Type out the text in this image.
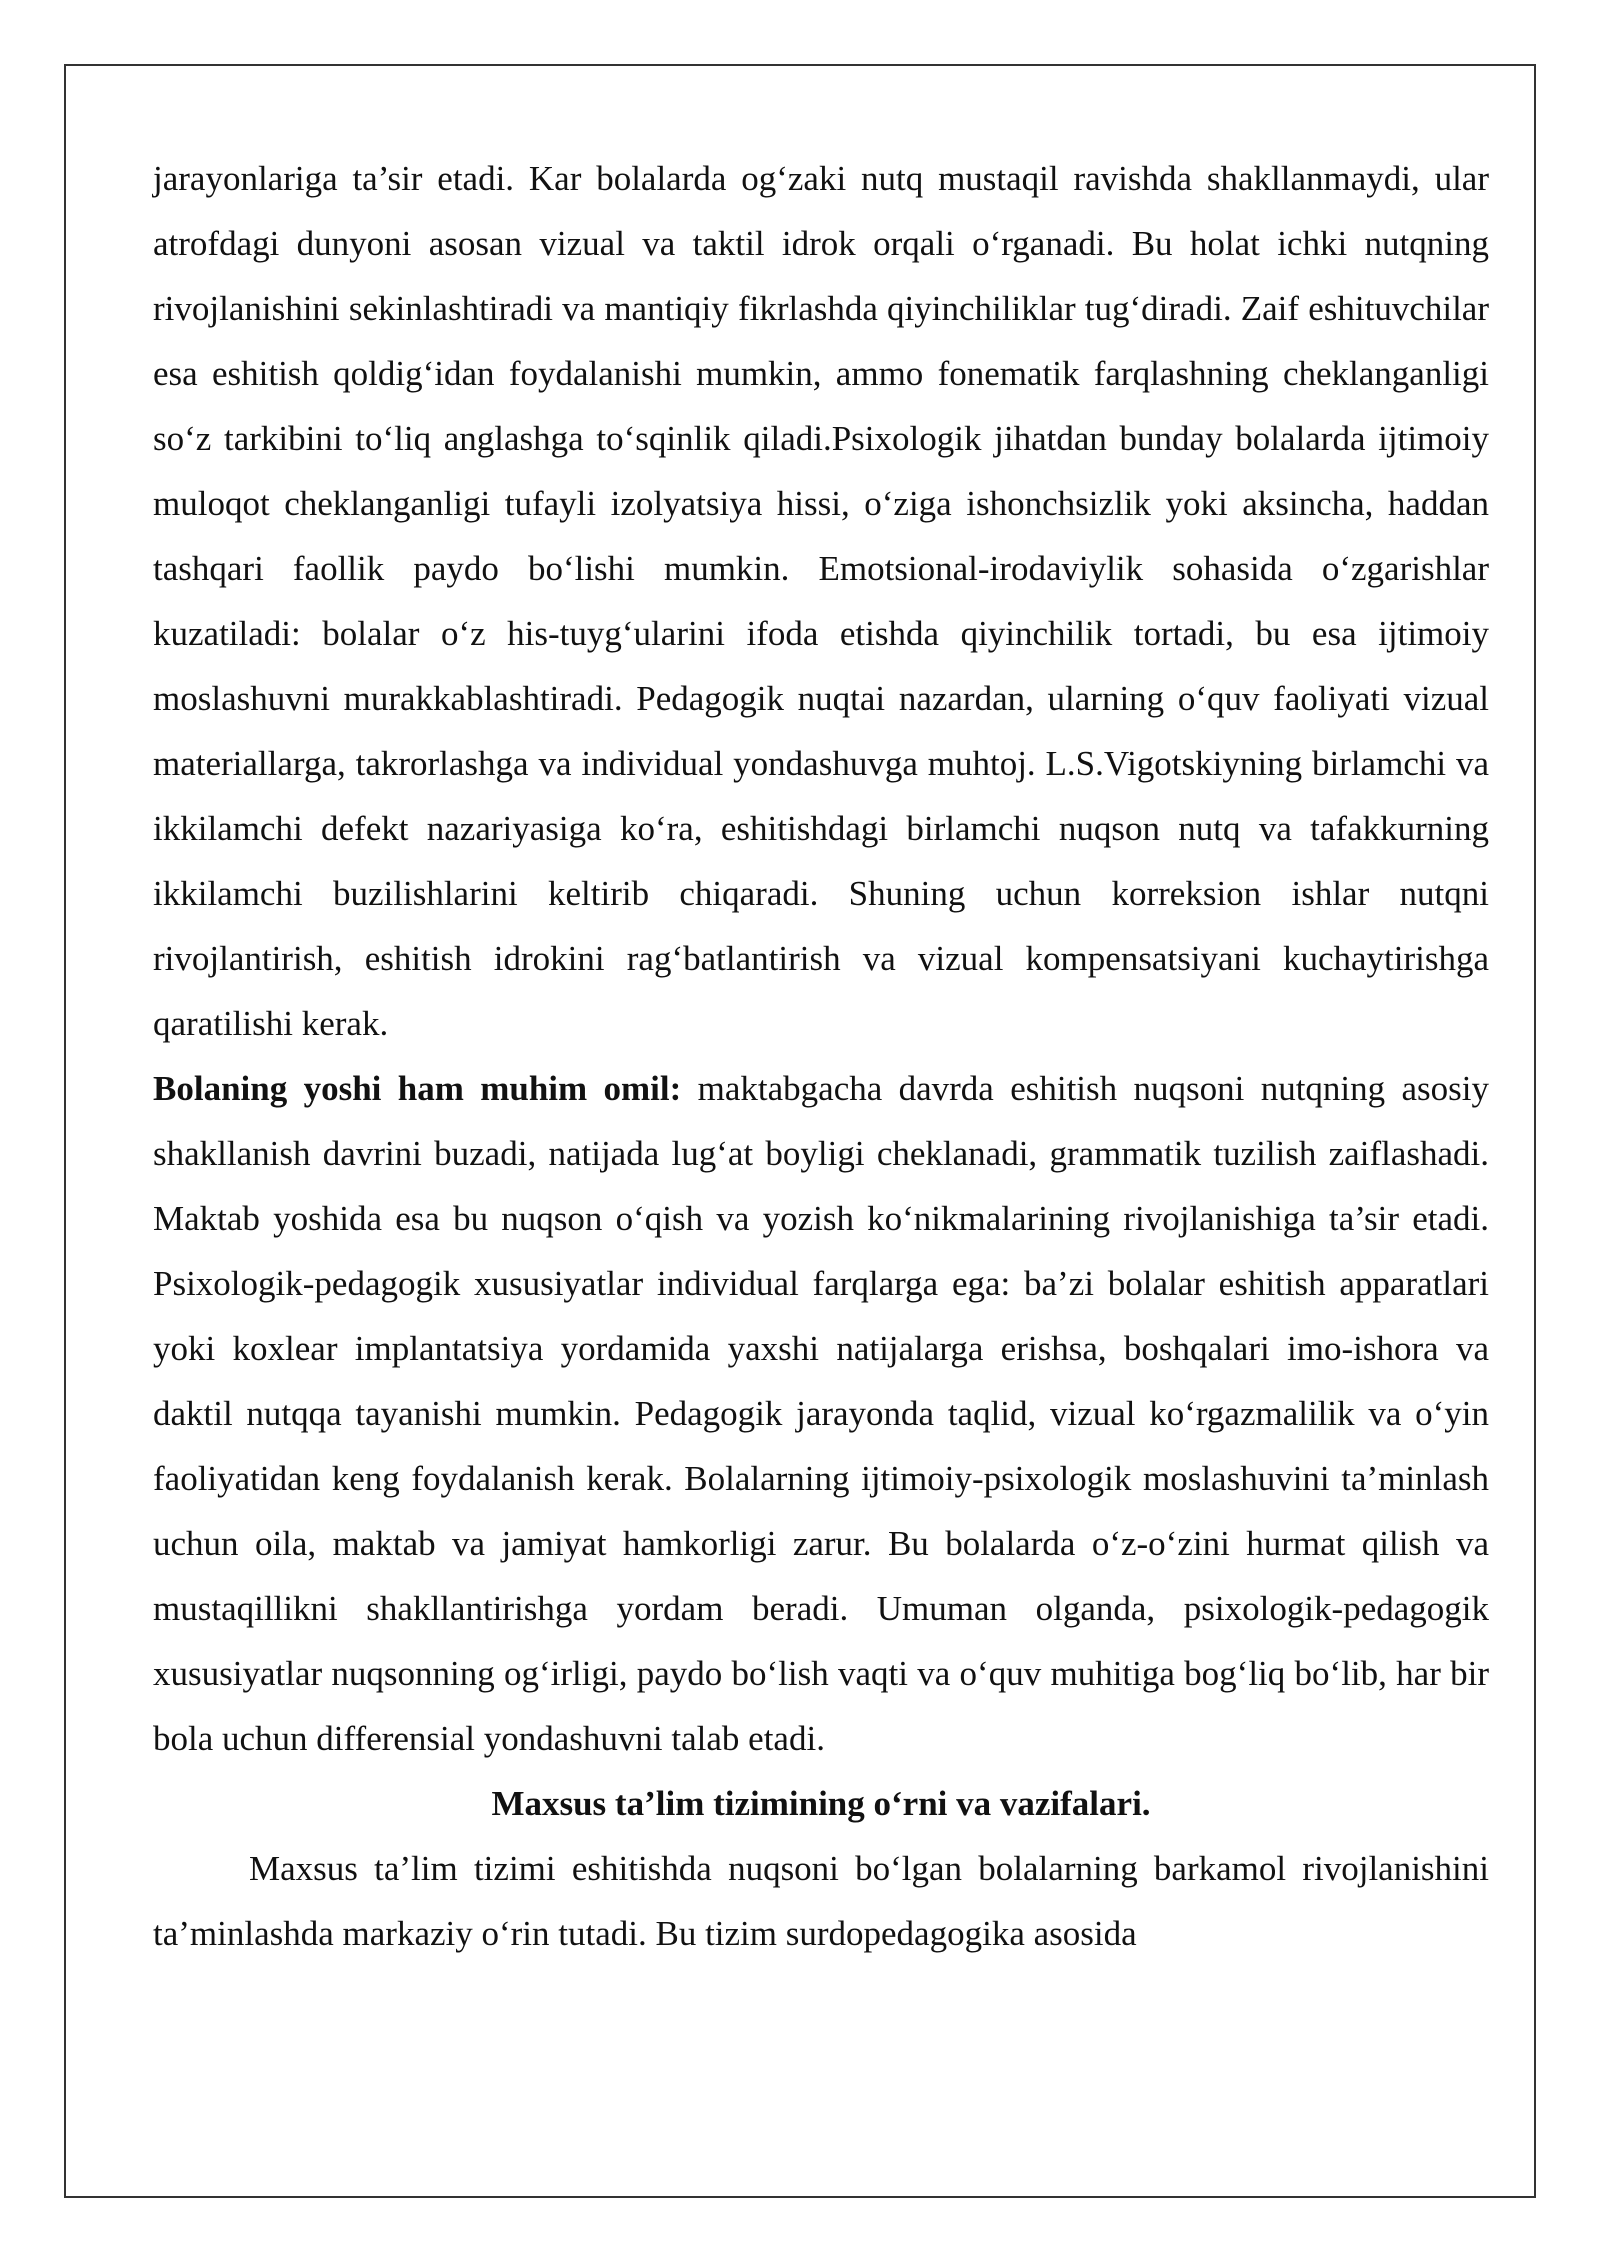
jarayonlariga ta’sir etadi. Kar bolalarda og‘zaki nutq mustaqil ravishda shakllanmaydi, ular atrofdagi dunyoni asosan vizual va taktil idrok orqali o‘rganadi. Bu holat ichki nutqning rivojlanishini sekinlashtiradi va mantiqiy fikrlashda qiyinchiliklar tug‘diradi. Zaif eshituvchilar esa eshitish qoldig‘idan foydalanishi mumkin, ammo fonematik farqlashning cheklanganligi so‘z tarkibini to‘liq anglashga to‘sqinlik qiladi.Psixologik jihatdan bunday bolalarda ijtimoiy muloqot cheklanganligi tufayli izolyatsiya hissi, o‘ziga ishonchsizlik yoki aksincha, haddan tashqari faollik paydo bo‘lishi mumkin. Emotsional-irodaviylik sohasida o‘zgarishlar kuzatiladi: bolalar o‘z his-tuyg‘ularini ifoda etishda qiyinchilik tortadi, bu esa ijtimoiy moslashuvni murakkablashtiradi. Pedagogik nuqtai nazardan, ularning o‘quv faoliyati vizual materiallarga, takrorlashga va individual yondashuvga muhtoj. L.S.Vigotskiyning birlamchi va ikkilamchi defekt nazariyasiga ko‘ra, eshitishdagi birlamchi nuqson nutq va tafakkurning ikkilamchi buzilishlarini keltirib chiqaradi. Shuning uchun korreksion ishlar nutqni rivojlantirish, eshitish idrokini rag‘batlantirish va vizual kompensatsiyani kuchaytirishga qaratilishi kerak.

Bolaning yoshi ham muhim omil: maktabgacha davrda eshitish nuqsoni nutqning asosiy shakllanish davrini buzadi, natijada lug‘at boyligi cheklanadi, grammatik tuzilish zaiflashadi. Maktab yoshida esa bu nuqson o‘qish va yozish ko‘nikmalarining rivojlanishiga ta’sir etadi. Psixologik-pedagogik xususiyatlar individual farqlarga ega: ba’zi bolalar eshitish apparatlari yoki koxlear implantatsiya yordamida yaxshi natijalarga erishsa, boshqalari imo-ishora va daktil nutqqa tayanishi mumkin. Pedagogik jarayonda taqlid, vizual ko‘rgazmalilik va o‘yin faoliyatidan keng foydalanish kerak. Bolalarning ijtimoiy-psixologik moslashuvini ta’minlash uchun oila, maktab va jamiyat hamkorligi zarur. Bu bolalarda o‘z-o‘zini hurmat qilish va mustaqillikni shakllantirishga yordam beradi. Umuman olganda, psixologik-pedagogik xususiyatlar nuqsonning og‘irligi, paydo bo‘lish vaqti va o‘quv muhitiga bog‘liq bo‘lib, har bir bola uchun differensial yondashuvni talab etadi.

Maxsus ta’lim tizimining o‘rni va vazifalari.

Maxsus ta’lim tizimi eshitishda nuqsoni bo‘lgan bolalarning barkamol rivojlanishini ta’minlashda markaziy o‘rin tutadi. Bu tizim surdopedagogika asosida
